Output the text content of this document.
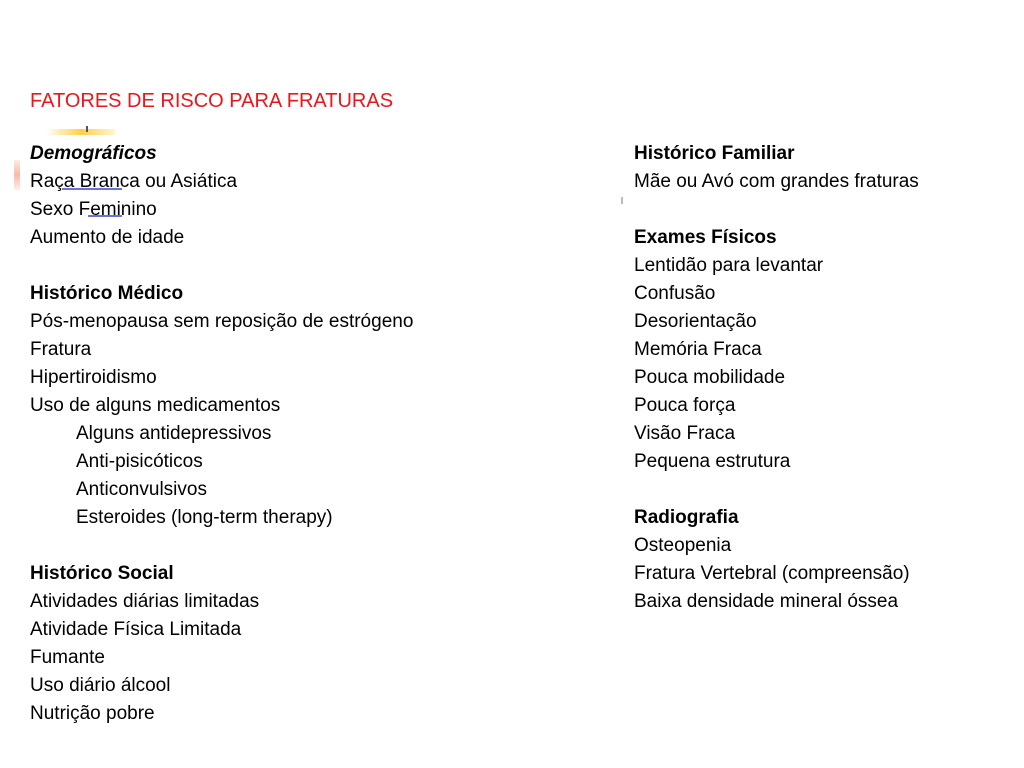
FATORES DE RISCO PARA FRATURAS
Demográficos
Raça Branca ou Asiática
Sexo Feminino
Aumento de idade
Histórico Médico
Pós-menopausa sem reposição de estrógeno
Fratura
Hipertiroidismo
Uso de alguns medicamentos
Alguns antidepressivos
Anti-pisicóticos
Anticonvulsivos
Esteroides (long-term therapy)
Histórico Social
Atividades diárias limitadas
Atividade Física Limitada
Fumante
Uso diário álcool
Nutrição pobre
Histórico Familiar
Mãe ou Avó com grandes fraturas
Exames Físicos
Lentidão para levantar
Confusão
Desorientação
Memória Fraca
Pouca mobilidade
Pouca força
Visão Fraca
Pequena estrutura
Radiografia
Osteopenia
Fratura Vertebral (compreensão)
Baixa densidade mineral óssea
